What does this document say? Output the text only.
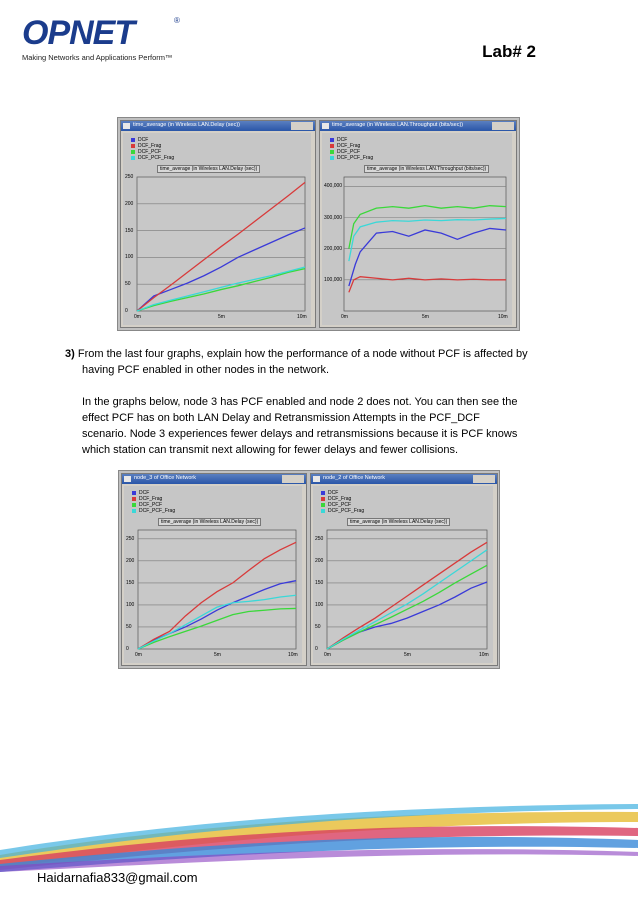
OPNET	®
Making Networks and Applications Perform™	Lab# 2
time_average (in Wireless LAN.Delay (sec))
DCF
DCF_Frag
DCF_PCF
DCF_PCF_Frag
time_average (in Wireless LAN.Delay (sec))
0
50
100
150
200
250
0m	5m	10m
time_average (in Wireless LAN.Throughput (bits/sec))
DCF
DCF_Frag
DCF_PCF
DCF_PCF_Frag
time_average (in Wireless LAN.Throughput (bits/sec))
100,000
200,000
300,000
400,000
0m	5m	10m
3) From the last four graphs, explain how the performance of a node without PCF is affected by
having PCF enabled in other nodes in the network.
In the graphs below, node 3 has PCF enabled and node 2 does not. You can then see the
effect PCF has on both LAN Delay and Retransmission Attempts in the PCF_DCF
scenario. Node 3 experiences fewer delays and retransmissions because it is PCF knows
which station can transmit next allowing for fewer delays and fewer collisions.
node_3 of Office Network
DCF
DCF_Frag
DCF_PCF
DCF_PCF_Frag
time_average (in Wireless LAN.Delay (sec))
0
50
100
150
200
250
0m	5m	10m
node_2 of Office Network
DCF
DCF_Frag
DCF_PCF
DCF_PCF_Frag
time_average (in Wireless LAN.Delay (sec))
0
50
100
150
200
250
0m	5m	10m
Haidarnafia833@gmail.com
